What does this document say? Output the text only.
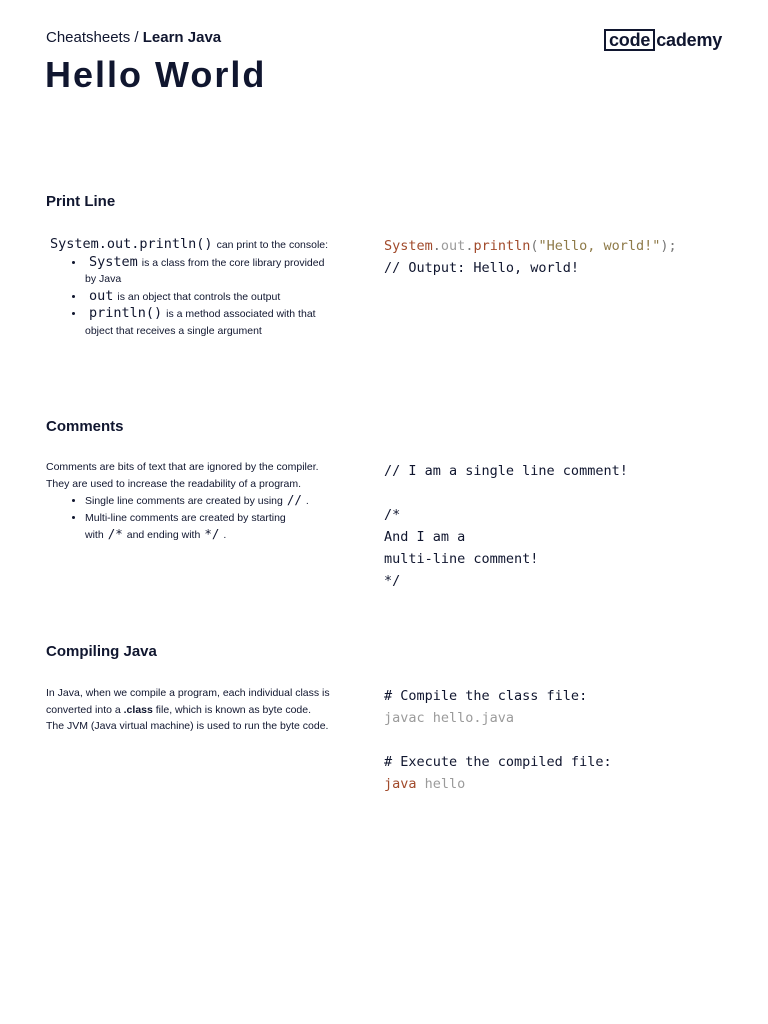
Cheatsheets / Learn Java	code cademy
Hello World
Print Line

System.out.println() can print to the console:

• System is a class from the core library provided by Java
• out is an object that controls the output
• println() is a method associated with that object that receives a single argument
System.out.println("Hello, world!");
// Output: Hello, world!
Comments

Comments are bits of text that are ignored by the compiler. They are used to increase the readability of a program.

• Single line comments are created by using // .
• Multi-line comments are created by starting with /* and ending with */ .
// I am a single line comment!

/*
And I am a
multi-line comment!
*/
Compiling Java

In Java, when we compile a program, each individual class is converted into a .class file, which is known as byte code.

The JVM (Java virtual machine) is used to run the byte code.

# Compile the class file:
javac hello.java

# Execute the compiled file:
java hello
